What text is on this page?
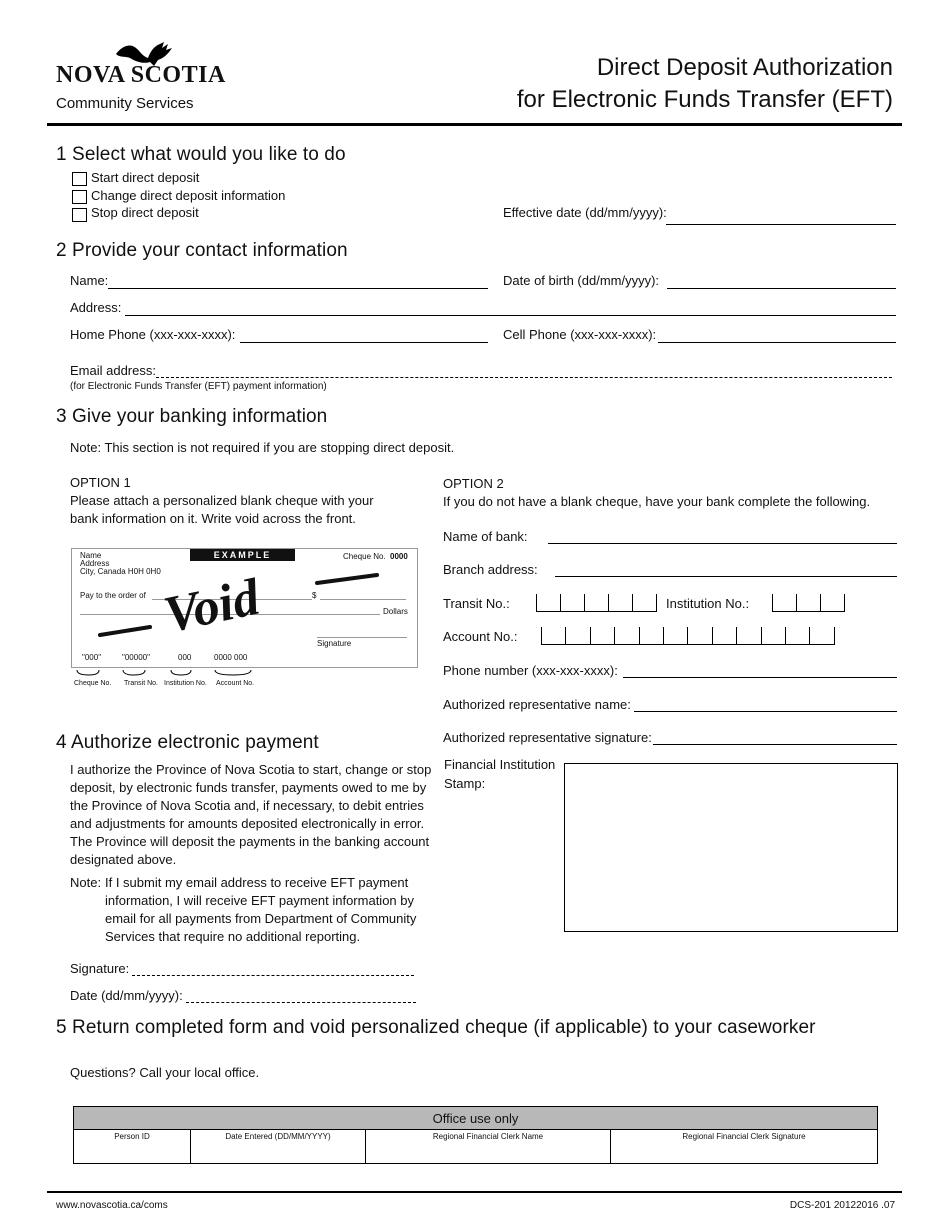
NOVA SCOTIA
Community Services
Direct Deposit Authorization
for Electronic Funds Transfer (EFT)
1 Select what would you like to do
Start direct deposit
Change direct deposit information
Stop direct deposit	Effective date (dd/mm/yyyy):
2 Provide your contact information
Name:	Date of birth (dd/mm/yyyy):
Address:
Home Phone (xxx-xxx-xxxx):	Cell Phone (xxx-xxx-xxxx):
Email address:
(for Electronic Funds Transfer (EFT) payment information)
3 Give your banking information
Note: This section is not required if you are stopping direct deposit.
OPTION 1
Please attach a personalized blank cheque with your
bank information on it. Write void across the front.
EXAMPLE
Name
Address
City, Canada H0H 0H0
Cheque No. 0000
Pay to the order of	$
Dollars
Signature
"000"	"00000"	000	0000 000
Void
Cheque No. Transit No. Institution No. Account No.
OPTION 2
If you do not have a blank cheque, have your bank complete the following.
Name of bank:
Branch address:
Transit No.:	Institution No.:
Account No.:
Phone number (xxx-xxx-xxxx):
Authorized representative name:
Authorized representative signature:
Financial Institution
Stamp:
4 Authorize electronic payment
I authorize the Province of Nova Scotia to start, change or stop
deposit, by electronic funds transfer, payments owed to me by
the Province of Nova Scotia and, if necessary, to debit entries
and adjustments for amounts deposited electronically in error.
The Province will deposit the payments in the banking account
designated above.
Note: If I submit my email address to receive EFT payment
information, I will receive EFT payment information by
email for all payments from Department of Community
Services that require no additional reporting.
Signature:
Date (dd/mm/yyyy):
5 Return completed form and void personalized cheque (if applicable) to your caseworker
Questions? Call your local office.
Office use only
Person ID	Date Entered (DD/MM/YYYY)	Regional Financial Clerk Name	Regional Financial Clerk Signature
www.novascotia.ca/coms	DCS-201 20122016 .07
